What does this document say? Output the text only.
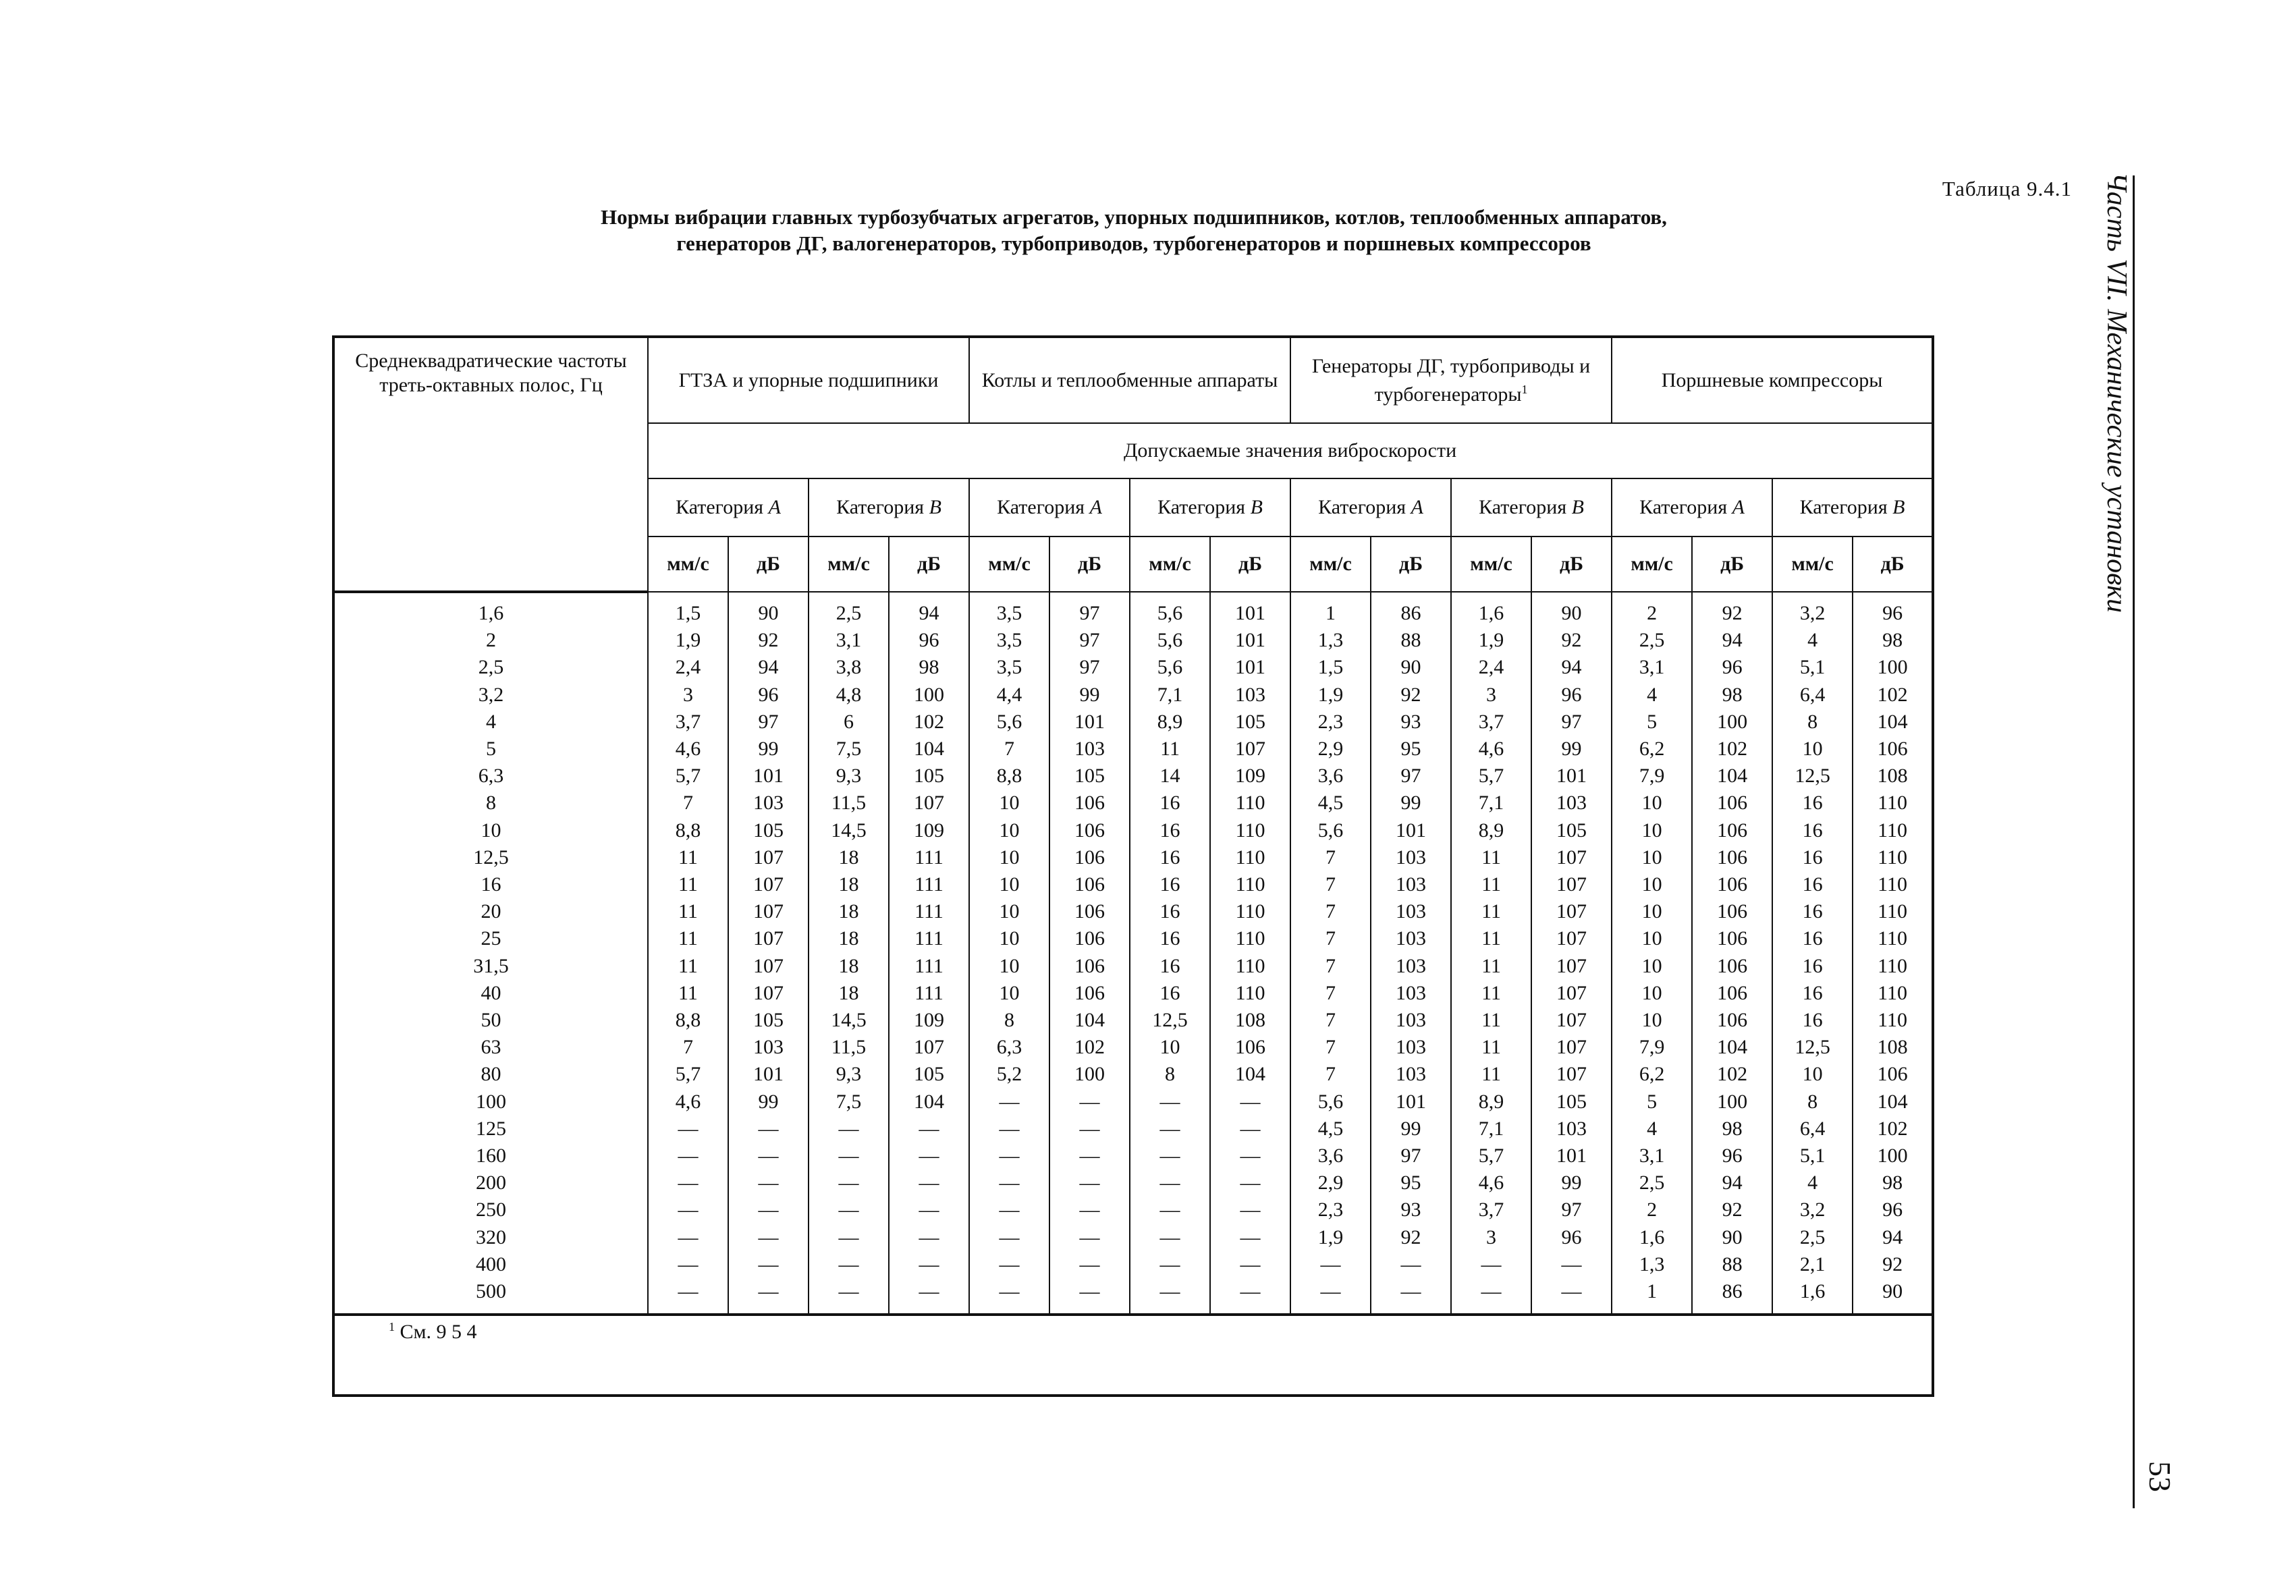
Таблица 9.4.1
Нормы вибрации главных турбозубчатых агрегатов, упорных подшипников, котлов, теплообменных аппаратов,
генераторов ДГ, валогенераторов, турбоприводов, турбогенераторов и поршневых компрессоров	Часть VII. Механические установки
53
Среднеквадратические частоты треть-октавных полос, Гц	ГТЗА и упорные подшипники				Котлы и теплообменные аппараты				Генераторы ДГ, турбоприводы и турбогенераторы$^1$				Поршневые компрессоры			
	Допускаемые значения виброскорости															
	Категория А		Категория В		Категория А		Категория В		Категория А		Категория В		Категория А		Категория В	
	мм/с	дБ	мм/с	дБ	мм/с	дБ	мм/с	дБ	мм/с	дБ	мм/с	дБ	мм/с	дБ	мм/с	дБ
1,6	1,5	90	2,5	94	3,5	97	5,6	101	1	86	1,6	90	2	92	3,2	96
2	1,9	92	3,1	96	3,5	97	5,6	101	1,3	88	1,9	92	2,5	94	4	98
2,5	2,4	94	3,8	98	3,5	97	5,6	101	1,5	90	2,4	94	3,1	96	5,1	100
3,2	3	96	4,8	100	4,4	99	7,1	103	1,9	92	3	96	4	98	6,4	102
4	3,7	97	6	102	5,6	101	8,9	105	2,3	93	3,7	97	5	100	8	104
5	4,6	99	7,5	104	7	103	11	107	2,9	95	4,6	99	6,2	102	10	106
6,3	5,7	101	9,3	105	8,8	105	14	109	3,6	97	5,7	101	7,9	104	12,5	108
8	7	103	11,5	107	10	106	16	110	4,5	99	7,1	103	10	106	16	110
10	8,8	105	14,5	109	10	106	16	110	5,6	101	8,9	105	10	106	16	110
12,5	11	107	18	111	10	106	16	110	7	103	11	107	10	106	16	110
16	11	107	18	111	10	106	16	110	7	103	11	107	10	106	16	110
20	11	107	18	111	10	106	16	110	7	103	11	107	10	106	16	110
25	11	107	18	111	10	106	16	110	7	103	11	107	10	106	16	110
31,5	11	107	18	111	10	106	16	110	7	103	11	107	10	106	16	110
40	11	107	18	111	10	106	16	110	7	103	11	107	10	106	16	110
50	8,8	105	14,5	109	8	104	12,5	108	7	103	11	107	10	106	16	110
63	7	103	11,5	107	6,3	102	10	106	7	103	11	107	7,9	104	12,5	108
80	5,7	101	9,3	105	5,2	100	8	104	7	103	11	107	6,2	102	10	106
100	4,6	99	7,5	104	—	—	—	—	5,6	101	8,9	105	5	100	8	104
125	—	—	—	—	—	—	—	—	4,5	99	7,1	103	4	98	6,4	102
160	—	—	—	—	—	—	—	—	3,6	97	5,7	101	3,1	96	5,1	100
200	—	—	—	—	—	—	—	—	2,9	95	4,6	99	2,5	94	4	98
250	—	—	—	—	—	—	—	—	2,3	93	3,7	97	2	92	3,2	96
320	—	—	—	—	—	—	—	—	1,9	92	3	96	1,6	90	2,5	94
400	—	—	—	—	—	—	—	—	—	—	—	—	1,3	88	2,1	92
500	—	—	—	—	—	—	—	—	—	—	—	—	1	86	1,6	90
$^1$ См. 9 5 4																
